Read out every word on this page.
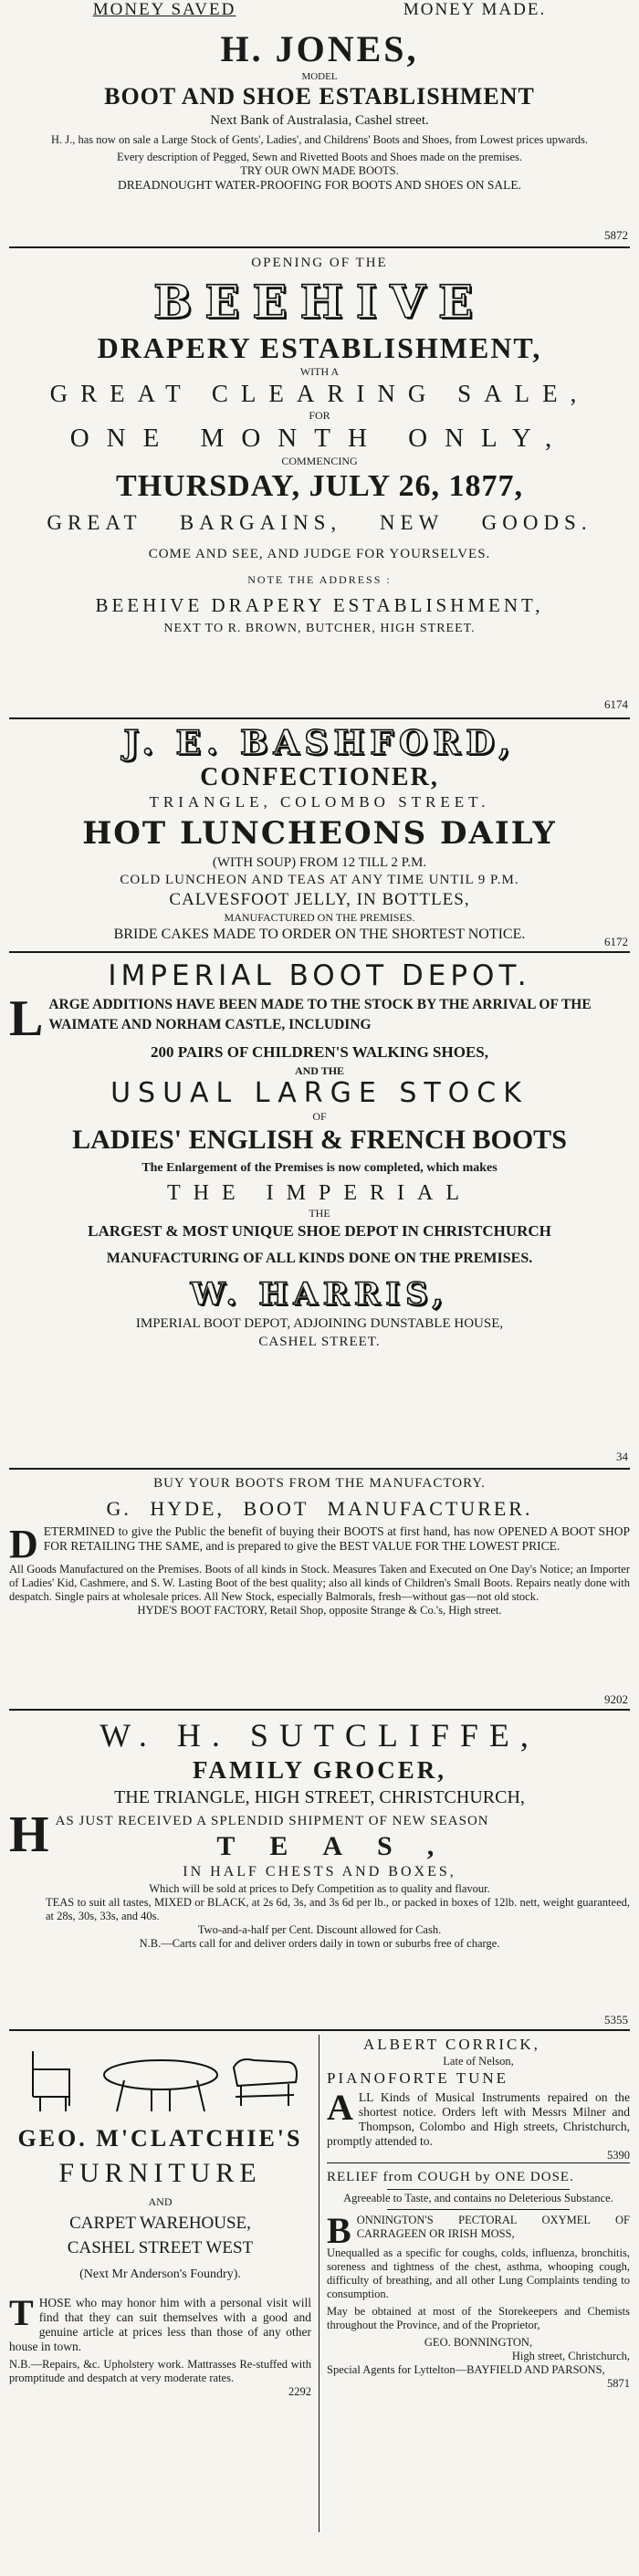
MONEY SAVED	MONEY MADE.
H. JONES,
MODEL
BOOT AND SHOE ESTABLISHMENT
Next Bank of Australasia, Cashel street.
H. J., has now on sale a Large Stock of Gents', Ladies', and Childrens' Boots and Shoes, from Lowest prices upwards.
Every description of Pegged, Sewn and Rivetted Boots and Shoes made on the premises.
TRY OUR OWN MADE BOOTS.
DREADNOUGHT WATER-PROOFING FOR BOOTS AND SHOES ON SALE.
5872
OPENING OF THE
BEEHIVE
DRAPERY ESTABLISHMENT,
WITH A
GREAT CLEARING SALE,
FOR
ONE MONTH ONLY,
COMMENCING
THURSDAY, JULY 26, 1877,
GREAT BARGAINS, NEW GOODS.
COME AND SEE, AND JUDGE FOR YOURSELVES.
NOTE THE ADDRESS :
BEEHIVE DRAPERY ESTABLISHMENT,
NEXT TO R. BROWN, BUTCHER, HIGH STREET.
6174
J. E. BASHFORD,
CONFECTIONER,
TRIANGLE, COLOMBO STREET.
HOT LUNCHEONS DAILY
(WITH SOUP) FROM 12 TILL 2 P.M.
COLD LUNCHEON AND TEAS AT ANY TIME UNTIL 9 P.M.
CALVESFOOT JELLY, IN BOTTLES,
MANUFACTURED ON THE PREMISES.
BRIDE CAKES MADE TO ORDER ON THE SHORTEST NOTICE.	6172
IMPERIAL BOOT DEPOT.
L ARGE ADDITIONS HAVE BEEN MADE TO THE STOCK BY THE ARRIVAL OF THE WAIMATE AND NORHAM CASTLE, INCLUDING
200 PAIRS OF CHILDREN'S WALKING SHOES,
AND THE
USUAL LARGE STOCK
OF
LADIES' ENGLISH & FRENCH BOOTS
The Enlargement of the Premises is now completed, which makes
THE IMPERIAL
THE
LARGEST & MOST UNIQUE SHOE DEPOT IN CHRISTCHURCH
MANUFACTURING OF ALL KINDS DONE ON THE PREMISES.
W. HARRIS,
IMPERIAL BOOT DEPOT, ADJOINING DUNSTABLE HOUSE,
CASHEL STREET.
34
BUY YOUR BOOTS FROM THE MANUFACTORY.
G. HYDE, BOOT MANUFACTURER.
D ETERMINED to give the Public the benefit of buying their BOOTS at first hand, has now OPENED A BOOT SHOP FOR RETAILING THE SAME, and is prepared to give the BEST VALUE FOR THE LOWEST PRICE.
All Goods Manufactured on the Premises. Boots of all kinds in Stock. Measures Taken and Executed on One Day's Notice; an Importer of Ladies' Kid, Cashmere, and S. W. Lasting Boot of the best quality; also all kinds of Children's Small Boots. Repairs neatly done with despatch. Single pairs at wholesale prices. All New Stock, especially Balmorals, fresh—without gas—not old stock.
HYDE'S BOOT FACTORY, Retail Shop, opposite Strange & Co.'s, High street.
9202
W. H. SUTCLIFFE,
FAMILY GROCER,
THE TRIANGLE, HIGH STREET, CHRISTCHURCH,
H AS JUST RECEIVED A SPLENDID SHIPMENT OF NEW SEASON
TEAS,
IN HALF CHESTS AND BOXES,
Which will be sold at prices to Defy Competition as to quality and flavour.
TEAS to suit all tastes, MIXED or BLACK, at 2s 6d, 3s, and 3s 6d per lb., or packed in boxes of 12lb. nett, weight guaranteed, at 28s, 30s, 33s, and 40s.
Two-and-a-half per Cent. Discount allowed for Cash.
N.B.—Carts call for and deliver orders daily in town or suburbs free of charge.
5355
GEO. M'CLATCHIE'S
FURNITURE
AND
CARPET WAREHOUSE,
CASHEL STREET WEST
(Next Mr Anderson's Foundry).
T HOSE who may honor him with a personal visit will find that they can suit themselves with a good and genuine article at prices less than those of any other house in town.
N.B.—Repairs, &c. Upholstery work. Mattrasses Re-stuffed with promptitude and despatch at very moderate rates.
2292
ALBERT CORRICK,
Late of Nelson,
PIANOFORTE TUNE
A LL Kinds of Musical Instruments repaired on the shortest notice. Orders left with Messrs Milner and Thompson, Colombo and High streets, Christchurch, promptly attended to.
5390
RELIEF from COUGH by ONE DOSE.
Agreeable to Taste, and contains no Deleterious Substance.
B ONNINGTON'S PECTORAL OXYMEL OF CARRAGEEN OR IRISH MOSS,
Unequalled as a specific for coughs, colds, influenza, bronchitis, soreness and tightness of the chest, asthma, whooping cough, difficulty of breathing, and all other Lung Complaints tending to consumption.
May be obtained at most of the Storekeepers and Chemists throughout the Province, and of the Proprietor,
GEO. BONNINGTON,
High street, Christchurch,
Special Agents for Lyttelton—BAYFIELD AND PARSONS,
5871
